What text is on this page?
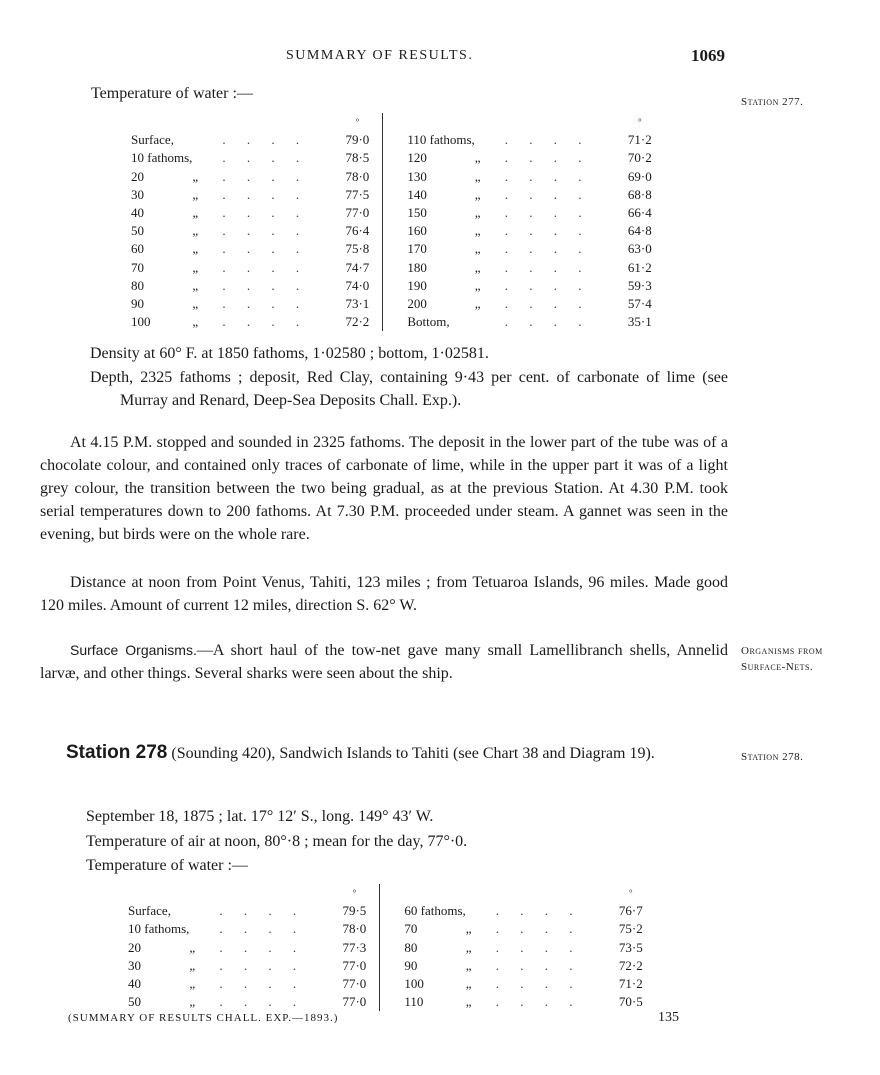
SUMMARY OF RESULTS.	1069
Station 277.
Temperature of water :—

			°					°

Surface,		. . . .	79·0		110 fathoms,		. . . .	71·2
10 fathoms,		. . . .	78·5		120	„	. . . .	70·2
20	„	. . . .	78·0		130	„	. . . .	69·0
30	„	. . . .	77·5		140	„	. . . .	68·8
40	„	. . . .	77·0		150	„	. . . .	66·4
50	„	. . . .	76·4		160	„	. . . .	64·8
60	„	. . . .	75·8		170	„	. . . .	63·0
70	„	. . . .	74·7		180	„	. . . .	61·2
80	„	. . . .	74·0		190	„	. . . .	59·3
90	„	. . . .	73·1		200	„	. . . .	57·4
100	„	. . . .	72·2		Bottom,		. . . .	35·1
Density at 60° F. at 1850 fathoms, 1·02580 ; bottom, 1·02581.
Depth, 2325 fathoms ; deposit, Red Clay, containing 9·43 per cent. of carbonate of lime (see Murray and Renard, Deep-Sea Deposits Chall. Exp.).
At 4.15 P.M. stopped and sounded in 2325 fathoms. The deposit in the lower part of the tube was of a chocolate colour, and contained only traces of carbonate of lime, while in the upper part it was of a light grey colour, the transition between the two being gradual, as at the previous Station. At 4.30 P.M. took serial temperatures down to 200 fathoms. At 7.30 P.M. proceeded under steam. A gannet was seen in the evening, but birds were on the whole rare.
Distance at noon from Point Venus, Tahiti, 123 miles ; from Tetuaroa Islands, 96 miles. Made good 120 miles. Amount of current 12 miles, direction S. 62° W.
Surface Organisms.—A short haul of the tow-net gave many small Lamellibranch shells, Annelid larvæ, and other things. Several sharks were seen about the ship.
Organisms from Surface-Nets.
Station 278 (Sounding 420), Sandwich Islands to Tahiti (see Chart 38 and Diagram 19).	Station 278.
September 18, 1875 ; lat. 17° 12′ S., long. 149° 43′ W.
Temperature of air at noon, 80°·8 ; mean for the day, 77°·0.
Temperature of water :—

			°					°

Surface,		. . . .	79·5		60 fathoms,		. . . .	76·7
10 fathoms,		. . . .	78·0		70	„	. . . .	75·2
20	„	. . . .	77·3		80	„	. . . .	73·5
30	„	. . . .	77·0		90	„	. . . .	72·2
40	„	. . . .	77·0		100	„	. . . .	71·2
50	„	. . . .	77·0		110	„	. . . .	70·5
(SUMMARY OF RESULTS CHALL. EXP.—1893.)	135
